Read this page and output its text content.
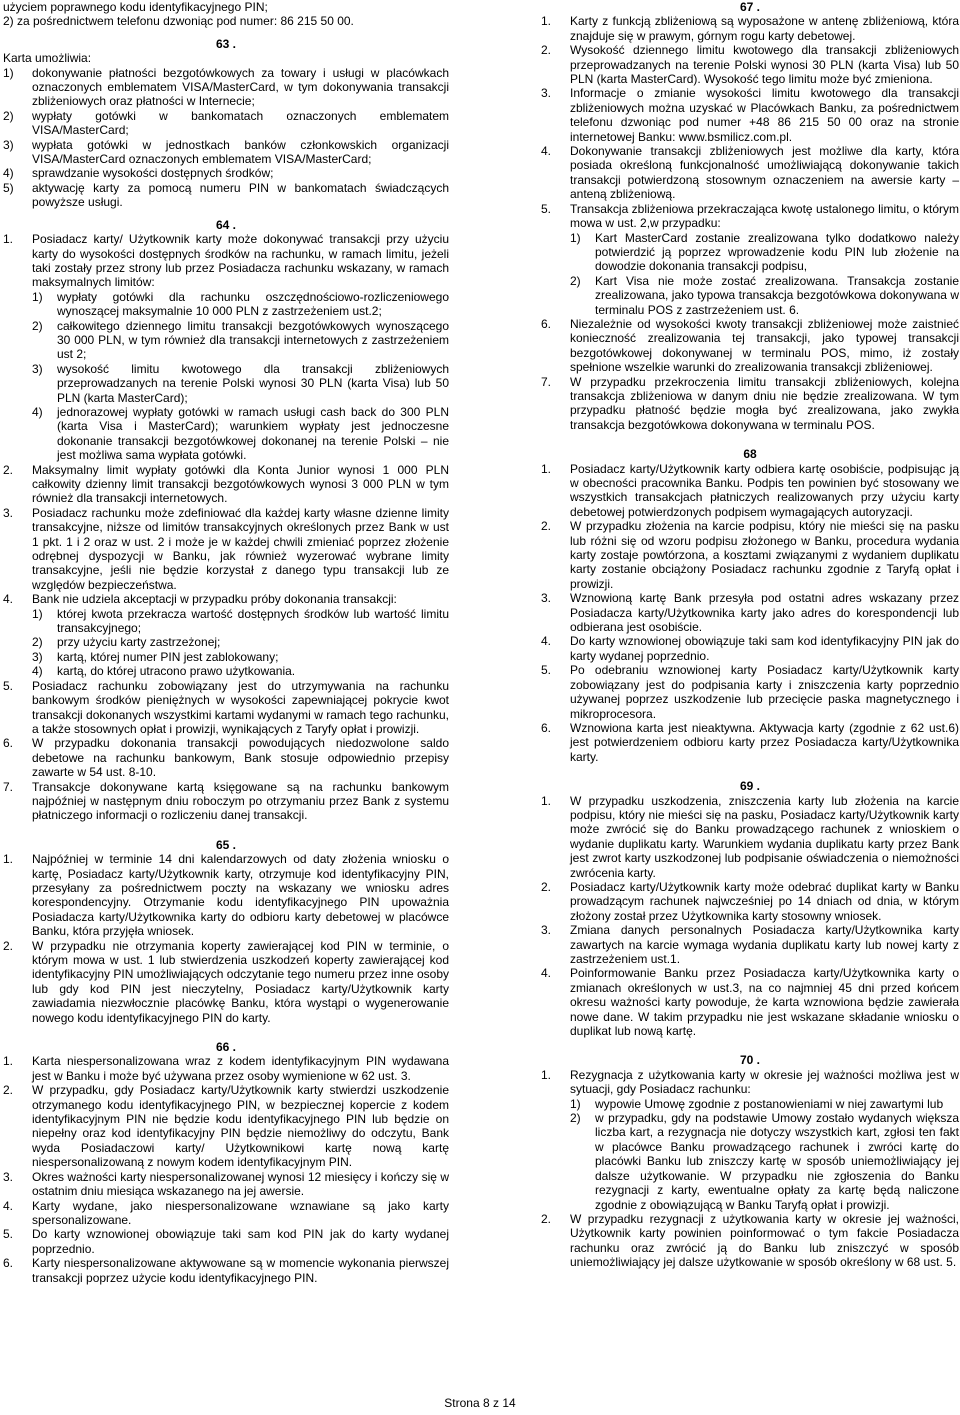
użyciem poprawnego kodu identyfikacyjnego PIN;
2) za pośrednictwem telefonu dzwoniąc pod numer: 86 215 50 00.
63 .
Karta umożliwia:
1)	dokonywanie płatności bezgotówkowych za towary i usługi w placówkach oznaczonych emblematem VISA/MasterCard, w tym dokonywania transakcji zbliżeniowych oraz płatności w Internecie;
2)	wypłaty gotówki w bankomatach oznaczonych emblematem VISA/MasterCard;
3)	wypłata gotówki w jednostkach banków członkowskich organizacji VISA/MasterCard oznaczonych emblematem VISA/MasterCard;
4)	sprawdzanie wysokości dostępnych środków;
5)	aktywację karty za pomocą numeru PIN w bankomatach świadczących powyższe usługi.
64 .
1.	Posiadacz karty/ Użytkownik karty może dokonywać transakcji przy użyciu karty do wysokości dostępnych środków na rachunku, w ramach limitu, jeżeli taki zostały przez strony lub przez Posiadacza rachunku wskazany, w ramach maksymalnych limitów:
1)	wypłaty gotówki dla rachunku oszczędnościowo-rozliczeniowego wynoszącej maksymalnie 10 000 PLN z zastrzeżeniem ust.2;
2)	całkowitego dziennego limitu transakcji bezgotówkowych wynoszącego 30 000 PLN, w tym również dla transakcji internetowych z zastrzeżeniem ust 2;
3)	wysokość limitu kwotowego dla transakcji zbliżeniowych przeprowadzanych na terenie Polski wynosi 30 PLN (karta Visa) lub 50 PLN (karta MasterCard);
4)	jednorazowej wypłaty gotówki w ramach usługi cash back do 300 PLN (karta Visa i MasterCard); warunkiem wypłaty jest jednoczesne dokonanie transakcji bezgotówkowej dokonanej na terenie Polski – nie jest możliwa sama wypłata gotówki.
2.	Maksymalny limit wypłaty gotówki dla Konta Junior wynosi 1 000 PLN całkowity dzienny limit transakcji bezgotówkowych wynosi 3 000 PLN w tym również dla transakcji internetowych.
3.	Posiadacz rachunku może zdefiniować dla każdej karty własne dzienne limity transakcyjne, niższe od limitów transakcyjnych określonych przez Bank w ust 1 pkt. 1 i 2 oraz w ust. 2 i może je w każdej chwili zmieniać poprzez złożenie odrębnej dyspozycji w Banku, jak również wyzerować wybrane limity transakcyjne, jeśli nie będzie korzystał z danego typu transakcji lub ze względów bezpieczeństwa.
4.	Bank nie udziela akceptacji w przypadku próby dokonania transakcji:
1)	której kwota przekracza wartość dostępnych środków lub wartość limitu transakcyjnego;
2)	przy użyciu karty zastrzeżonej;
3)	kartą, której numer PIN jest zablokowany;
4)	kartą, do której utracono prawo użytkowania.
5.	Posiadacz rachunku zobowiązany jest do utrzymywania na rachunku bankowym środków pieniężnych w wysokości zapewniającej pokrycie kwot transakcji dokonanych wszystkimi kartami wydanymi w ramach tego rachunku, a także stosownych opłat i prowizji, wynikających z Taryfy opłat i prowizji.
6.	W przypadku dokonania transakcji powodujących niedozwolone saldo debetowe na rachunku bankowym, Bank stosuje odpowiednio przepisy zawarte w 54 ust. 8-10.
7.	Transakcje dokonywane kartą księgowane są na rachunku bankowym najpóźniej w następnym dniu roboczym po otrzymaniu przez Bank z systemu płatniczego informacji o rozliczeniu danej transakcji.
65 .
1.	Najpóźniej w terminie 14 dni kalendarzowych od daty złożenia wniosku o kartę, Posiadacz karty/Użytkownik karty, otrzymuje kod identyfikacyjny PIN, przesyłany za pośrednictwem poczty na wskazany we wniosku adres korespondencyjny. Otrzymanie kodu identyfikacyjnego PIN upoważnia Posiadacza karty/Użytkownika karty do odbioru karty debetowej w placówce Banku, która przyjęła wniosek.
2.	W przypadku nie otrzymania koperty zawierającej kod PIN w terminie, o którym mowa w ust. 1 lub stwierdzenia uszkodzeń koperty zawierającej kod identyfikacyjny PIN umożliwiających odczytanie tego numeru przez inne osoby lub gdy kod PIN jest nieczytelny, Posiadacz karty/Użytkownik karty zawiadamia niezwłocznie placówkę Banku, która wystąpi o wygenerowanie nowego kodu identyfikacyjnego PIN do karty.
66 .
1.	Karta niespersonalizowana wraz z kodem identyfikacyjnym PIN wydawana jest w Banku i może być używana przez osoby wymienione w 62 ust. 3.
2.	W przypadku, gdy Posiadacz karty/Użytkownik karty stwierdzi uszkodzenie otrzymanego kodu identyfikacyjnego PIN, w bezpiecznej kopercie z kodem identyfikacyjnym PIN nie będzie kodu identyfikacyjnego PIN lub będzie on niepełny oraz kod identyfikacyjny PIN będzie niemożliwy do odczytu, Bank wyda Posiadaczowi karty/ Użytkownikowi kartę nową kartę niespersonalizowaną z nowym kodem identyfikacyjnym PIN.
3.	Okres ważności karty niespersonalizowanej wynosi 12 miesięcy i kończy się w ostatnim dniu miesiąca wskazanego na jej awersie.
4.	Karty wydane, jako niespersonalizowane wznawiane są jako karty spersonalizowane.
5.	Do karty wznowionej obowiązuje taki sam kod PIN jak do karty wydanej poprzednio.
6.	Karty niespersonalizowane aktywowane są w momencie wykonania pierwszej transakcji poprzez użycie kodu identyfikacyjnego PIN.
67 .
1.	Karty z funkcją zbliżeniową są wyposażone w antenę zbliżeniową, która znajduje się w prawym, górnym rogu karty debetowej.
2.	Wysokość dziennego limitu kwotowego dla transakcji zbliżeniowych przeprowadzanych na terenie Polski wynosi 30 PLN (karta Visa) lub 50 PLN (karta MasterCard). Wysokość tego limitu może być zmieniona.
3.	Informacje o zmianie wysokości limitu kwotowego dla transakcji zbliżeniowych można uzyskać w Placówkach Banku, za pośrednictwem telefonu dzwoniąc pod numer +48 86 215 50 00 oraz na stronie internetowej Banku: www.bsmilicz.com.pl.
4.	Dokonywanie transakcji zbliżeniowych jest możliwe dla karty, która posiada określoną funkcjonalność umożliwiającą dokonywanie takich transakcji potwierdzoną stosownym oznaczeniem na awersie karty – anteną zbliżeniową.
5.	Transakcja zbliżeniowa przekraczająca kwotę ustalonego limitu, o którym mowa w ust. 2,w przypadku:
1)	Kart MasterCard zostanie zrealizowana tylko dodatkowo należy potwierdzić ją poprzez wprowadzenie kodu PIN lub złożenie na dowodzie dokonania transakcji podpisu,
2)	Kart Visa nie może zostać zrealizowana. Transakcja zostanie zrealizowana, jako typowa transakcja bezgotówkowa dokonywana w terminalu POS z zastrzeżeniem ust. 6.
6.	Niezależnie od wysokości kwoty transakcji zbliżeniowej może zaistnieć konieczność zrealizowania tej transakcji, jako typowej transakcji bezgotówkowej dokonywanej w terminalu POS, mimo, iż zostały spełnione wszelkie warunki do zrealizowania transakcji zbliżeniowej.
7.	W przypadku przekroczenia limitu transakcji zbliżeniowych, kolejna transakcja zbliżeniowa w danym dniu nie będzie zrealizowana. W tym przypadku płatność będzie mogła być zrealizowana, jako zwykła transakcja bezgotówkowa dokonywana w terminalu POS.
68
1.	Posiadacz karty/Użytkownik karty odbiera kartę osobiście, podpisując ją w obecności pracownika Banku. Podpis ten powinien być stosowany we wszystkich transakcjach płatniczych realizowanych przy użyciu karty debetowej potwierdzonych podpisem wymagających autoryzacji.
2.	W przypadku złożenia na karcie podpisu, który nie mieści się na pasku lub różni się od wzoru podpisu złożonego w Banku, procedura wydania karty zostaje powtórzona, a kosztami związanymi z wydaniem duplikatu karty zostanie obciążony Posiadacz rachunku zgodnie z Taryfą opłat i prowizji.
3.	Wznowioną kartę Bank przesyła pod ostatni adres wskazany przez Posiadacza karty/Użytkownika karty jako adres do korespondencji lub odbierana jest osobiście.
4.	Do karty wznowionej obowiązuje taki sam kod identyfikacyjny PIN jak do karty wydanej poprzednio.
5.	Po odebraniu wznowionej karty Posiadacz karty/Użytkownik karty zobowiązany jest do podpisania karty i zniszczenia karty poprzednio używanej poprzez uszkodzenie lub przecięcie paska magnetycznego i mikroprocesora.
6.	Wznowiona karta jest nieaktywna. Aktywacja karty (zgodnie z 62 ust.6) jest potwierdzeniem odbioru karty przez Posiadacza karty/Użytkownika karty.
69 .
1.	W przypadku uszkodzenia, zniszczenia karty lub złożenia na karcie podpisu, który nie mieści się na pasku, Posiadacz karty/Użytkownik karty może zwrócić się do Banku prowadzącego rachunek z wnioskiem o wydanie duplikatu karty. Warunkiem wydania duplikatu karty przez Bank jest zwrot karty uszkodzonej lub podpisanie oświadczenia o niemożności zwrócenia karty.
2.	Posiadacz karty/Użytkownik karty może odebrać duplikat karty w Banku prowadzącym rachunek najwcześniej po 14 dniach od dnia, w którym złożony został przez Użytkownika karty stosowny wniosek.
3.	Zmiana danych personalnych Posiadacza karty/Użytkownika karty zawartych na karcie wymaga wydania duplikatu karty lub nowej karty z zastrzeżeniem ust.1.
4.	Poinformowanie Banku przez Posiadacza karty/Użytkownika karty o zmianach określonych w ust.3, na co najmniej 45 dni przed końcem okresu ważności karty powoduje, że karta wznowiona będzie zawierała nowe dane. W takim przypadku nie jest wskazane składanie wniosku o duplikat lub nową kartę.
70 .
1.	Rezygnacja z użytkowania karty w okresie jej ważności możliwa jest w sytuacji, gdy Posiadacz rachunku:
1)	wypowie Umowę zgodnie z postanowieniami w niej zawartymi lub
2)	w przypadku, gdy na podstawie Umowy zostało wydanych większa liczba kart, a rezygnacja nie dotyczy wszystkich kart, zgłosi ten fakt w placówce Banku prowadzącego rachunek i zwróci kartę do placówki Banku lub zniszczy kartę w sposób uniemożliwiający jej dalsze użytkowanie. W przypadku nie zgłoszenia do Banku rezygnacji z karty, ewentualne opłaty za kartę będą naliczone zgodnie z obowiązującą w Banku Taryfą opłat i prowizji.
2.	W przypadku rezygnacji z użytkowania karty w okresie jej ważności, Użytkownik karty powinien poinformować o tym fakcie Posiadacza rachunku oraz zwrócić ją do Banku lub zniszczyć w sposób uniemożliwiający jej dalsze użytkowanie w sposób określony w 68 ust. 5.
Strona 8 z 14
